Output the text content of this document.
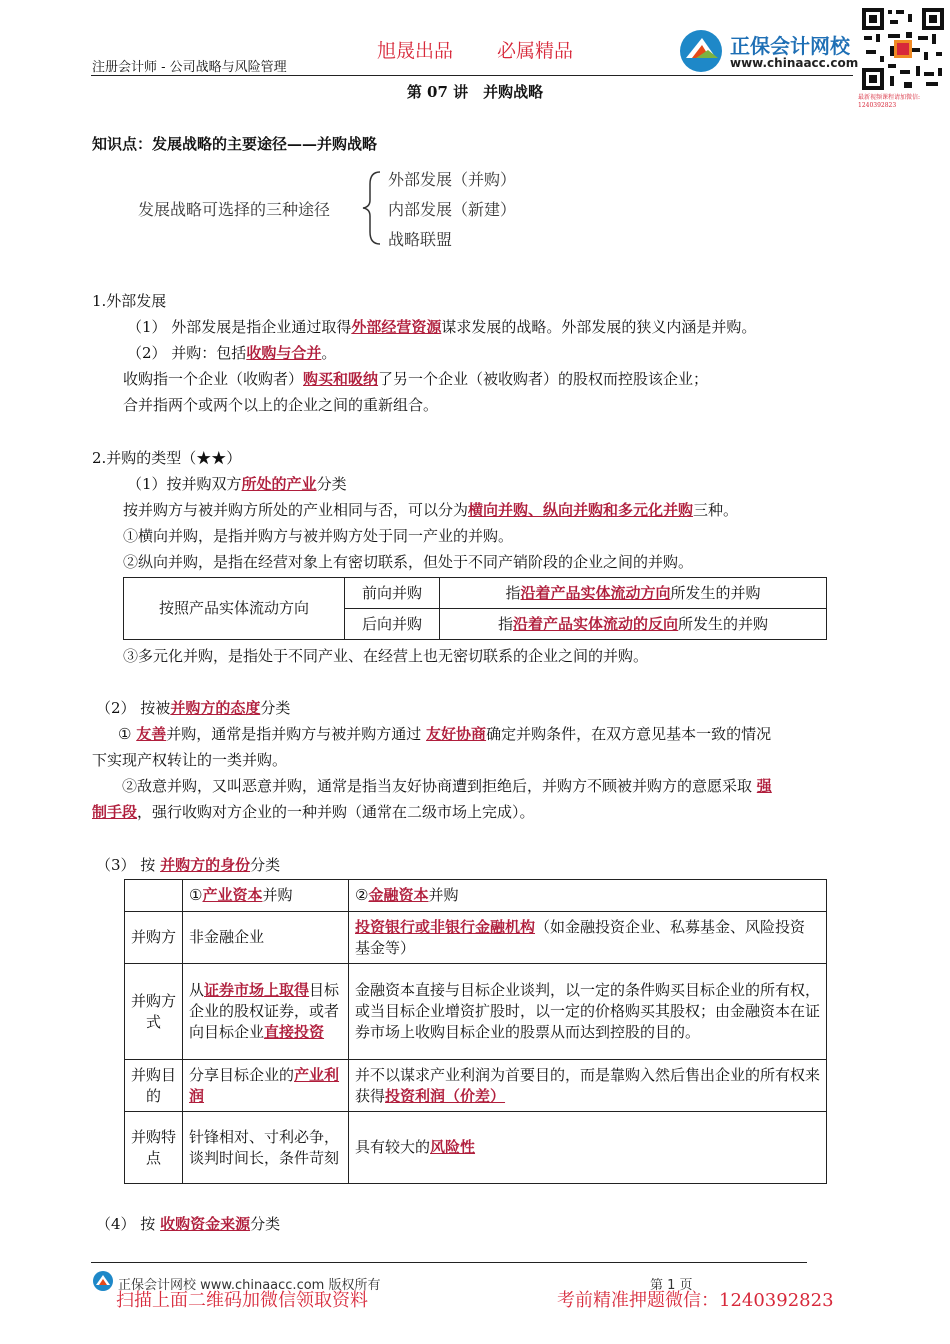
旭晟出品 必属精品
注册会计师 - 公司战略与风险管理
正保会计网校
www.chinaacc.com
最新视频课程请加微信: 1240392823
第 07 讲　并购战略
知识点：发展战略的主要途径——并购战略
发展战略可选择的三种途径
外部发展（并购）
内部发展（新建）
战略联盟
1.外部发展
（1） 外部发展是指企业通过取得外部经营资源谋求发展的战略。外部发展的狭义内涵是并购。
（2） 并购：包括收购与合并。
收购指一个企业（收购者）购买和吸纳了另一个企业（被收购者）的股权而控股该企业；
合并指两个或两个以上的企业之间的重新组合。
2.并购的类型（★★）
（1）按并购双方所处的产业分类
按并购方与被并购方所处的产业相同与否，可以分为横向并购、纵向并购和多元化并购三种。
①横向并购，是指并购方与被并购方处于同一产业的并购。
②纵向并购，是指在经营对象上有密切联系，但处于不同产销阶段的企业之间的并购。
按照产品实体流动方向	前向并购	指沿着产品实体流动方向所发生的并购
	后向并购	指沿着产品实体流动的反向所发生的并购
③多元化并购，是指处于不同产业、在经营上也无密切联系的企业之间的并购。
（2） 按被并购方的态度分类
① 友善并购，通常是指并购方与被并购方通过 友好协商确定并购条件，在双方意见基本一致的情况
下实现产权转让的一类并购。
②敌意并购，又叫恶意并购，通常是指当友好协商遭到拒绝后，并购方不顾被并购方的意愿采取 强
制手段，强行收购对方企业的一种并购（通常在二级市场上完成）。
（3） 按 并购方的身份分类
	①产业资本并购	②金融资本并购
并购方	非金融企业	投资银行或非银行金融机构（如金融投资企业、私募基金、风险投资基金等）
并购方式	从证券市场上取得目标企业的股权证券，或者向目标企业直接投资	金融资本直接与目标企业谈判，以一定的条件购买目标企业的所有权，或当目标企业增资扩股时，以一定的价格购买其股权；由金融资本在证券市场上收购目标企业的股票从而达到控股的目的。
并购目的	分享目标企业的产业利润	并不以谋求产业利润为首要目的，而是靠购入然后售出企业的所有权来获得投资利润（价差）
并购特点	针锋相对、寸利必争，谈判时间长，条件苛刻	具有较大的风险性
（4） 按 收购资金来源分类
正保会计网校 www.chinaacc.com 版权所有	第 1 页
扫描上面二维码加微信领取资料	考前精准押题微信：1240392823
